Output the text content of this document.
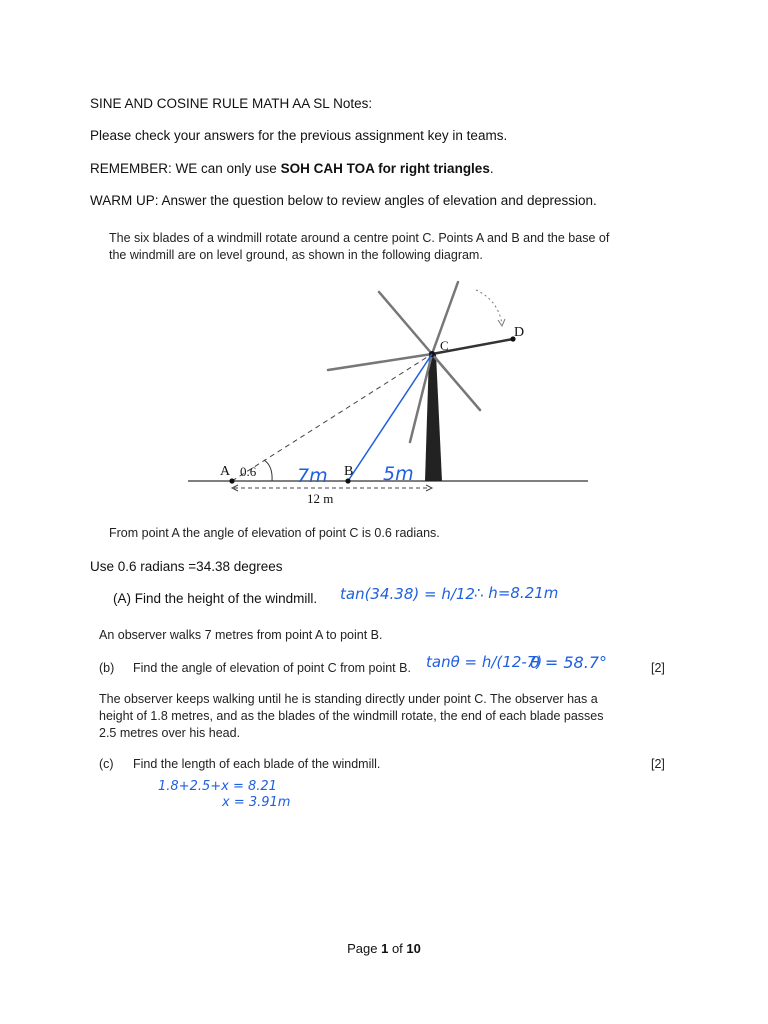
SINE AND COSINE RULE MATH AA SL Notes:
Please check your answers for the previous assignment key in teams.
REMEMBER: WE can only use SOH CAH TOA for right triangles.
WARM UP: Answer the question below to review angles of elevation and depression.
The six blades of a windmill rotate around a centre point C. Points A and B and the base of
the windmill are on level ground, as shown in the following diagram.
A 0.6	B
C
D
12 m
7m	5m
From point A the angle of elevation of point C is 0.6 radians.
Use 0.6 radians =34.38 degrees
(A) Find the height of the windmill. tan(34.38) = h/12 ∴ h=8.21m
An observer walks 7 metres from point A to point B.
(b) Find the angle of elevation of point C from point B. tanθ = h/(12-7)
θ = 58.7°	[2]
The observer keeps walking until he is standing directly under point C. The observer has a
height of 1.8 metres, and as the blades of the windmill rotate, the end of each blade passes
2.5 metres over his head.
(c) Find the length of each blade of the windmill.	[2]
1.8+2.5+x = 8.21
x = 3.91m
Page 1 of 10
